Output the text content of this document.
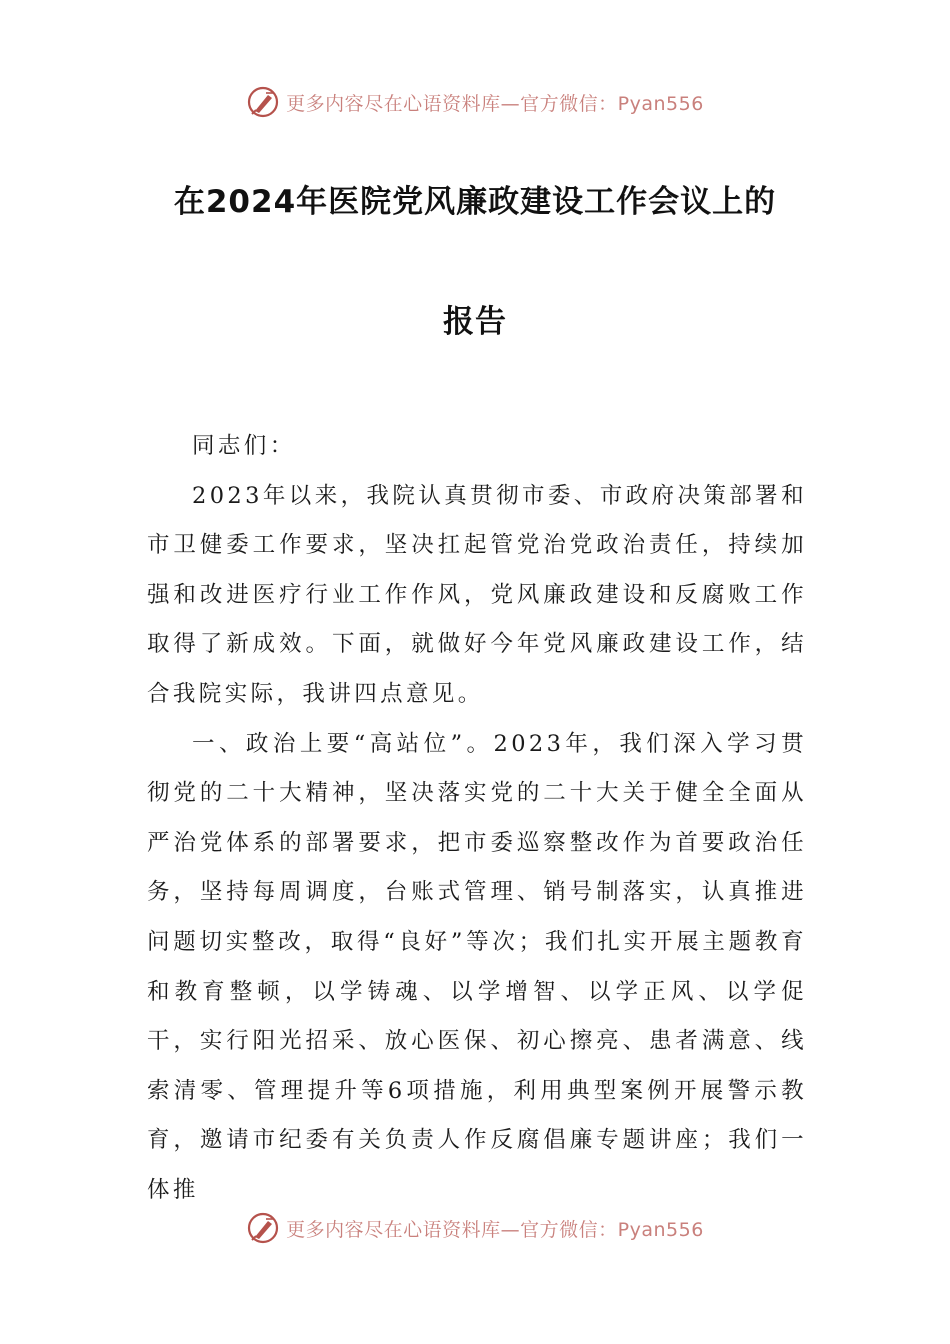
更多内容尽在心语资料库—官方微信：Pyan556
在2024年医院党风廉政建设工作会议上的
报告

同志们：

2023年以来，我院认真贯彻市委、市政府决策部署和市卫健委工作要求，坚决扛起管党治党政治责任，持续加强和改进医疗行业工作作风，党风廉政建设和反腐败工作取得了新成效。下面，就做好今年党风廉政建设工作，结合我院实际，我讲四点意见。

一、政治上要“高站位”。2023年，我们深入学习贯彻党的二十大精神，坚决落实党的二十大关于健全全面从严治党体系的部署要求，把市委巡察整改作为首要政治任务，坚持每周调度，台账式管理、销号制落实，认真推进问题切实整改，取得“良好”等次；我们扎实开展主题教育和教育整顿，以学铸魂、以学增智、以学正风、以学促干，实行阳光招采、放心医保、初心擦亮、患者满意、线索清零、管理提升等6项措施，利用典型案例开展警示教育，邀请市纪委有关负责人作反腐倡廉专题讲座；我们一体推

更多内容尽在心语资料库—官方微信：Pyan556
